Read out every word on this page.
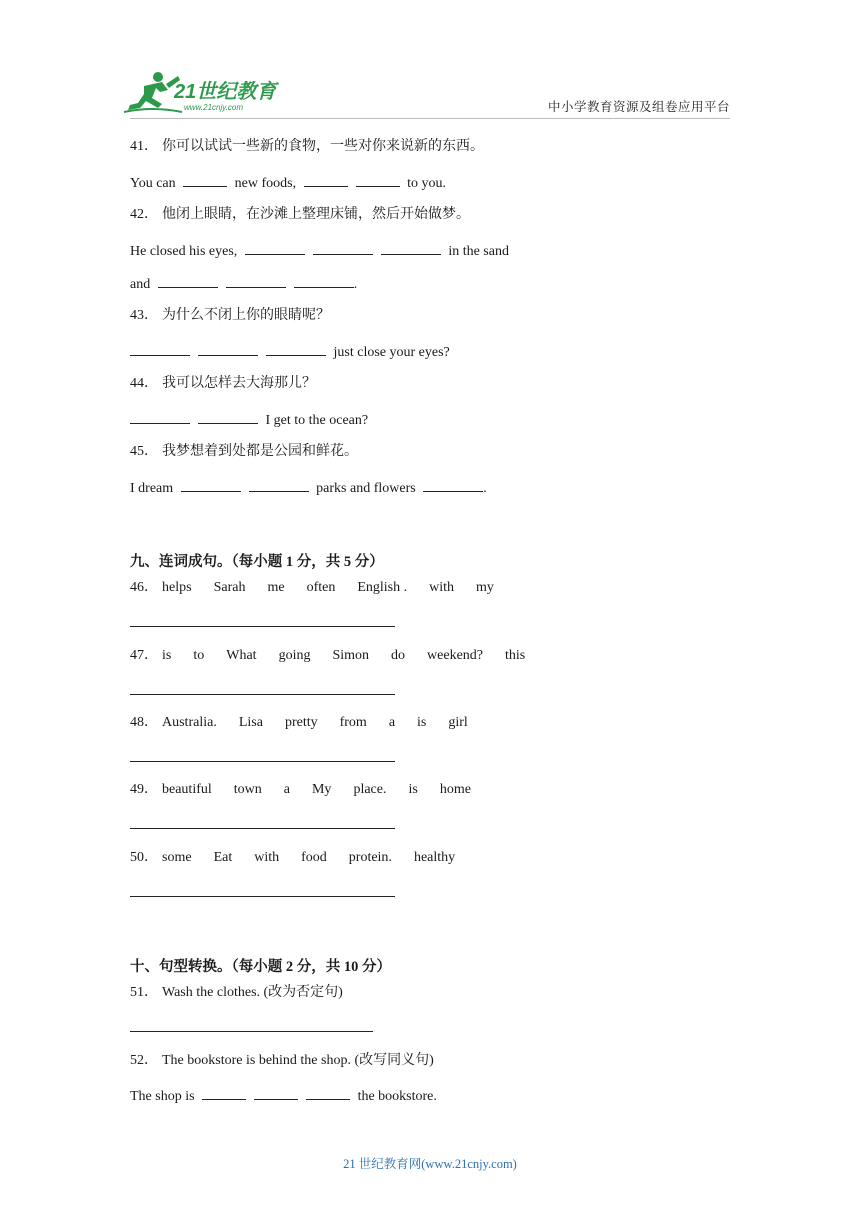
21世纪教育
www.21cnjy.com	中小学教育资源及组卷应用平台
41． 你可以试试一些新的食物，一些对你来说新的东西。
You can	new foods,	to you.
42． 他闭上眼睛，在沙滩上整理床铺，然后开始做梦。
He closed his eyes,	in the sand
and	.
43． 为什么不闭上你的眼睛呢？
just close your eyes?
44． 我可以怎样去大海那儿？
I get to the ocean?
45． 我梦想着到处都是公园和鲜花。
I dream	parks and flowers	.
九、连词成句。（每小题 1 分，共 5 分）
46． helps Sarah me often English . with my
47． is to What going Simon do weekend? this
48． Australia. Lisa pretty from a is girl
49． beautiful town a My place. is home
50． some Eat with food protein. healthy
十、句型转换。（每小题 2 分，共 10 分）
51． Wash the clothes. (改为否定句)
52． The bookstore is behind the shop. (改写同义句)
The shop is	the bookstore.
21 世纪教育网(www.21cnjy.com)
